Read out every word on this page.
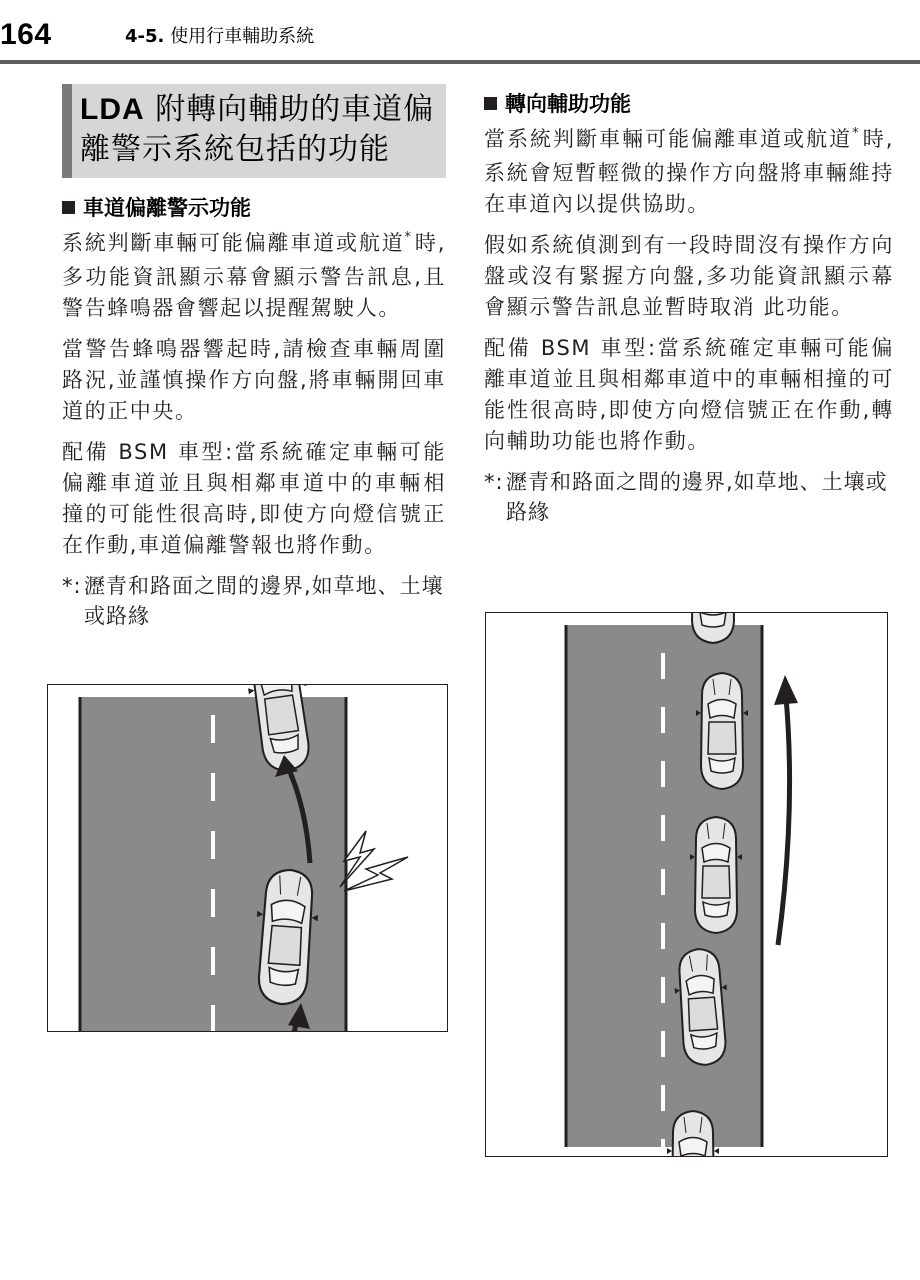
164	4-5. 使用行車輔助系統
LDA 附轉向輔助的車道偏離警示系統包括的功能
車道偏離警示功能

系統判斷車輛可能偏離車道或航道*時,多功能資訊顯示幕會顯示警告訊息,且警告蜂鳴器會響起以提醒駕駛人。

當警告蜂鳴器響起時,請檢查車輛周圍路況,並謹慎操作方向盤,將車輛開回車道的正中央。

配備 BSM 車型:當系統確定車輛可能偏離車道並且與相鄰車道中的車輛相撞的可能性很高時,即使方向燈信號正在作動,車道偏離警報也將作動。

*: 瀝青和路面之間的邊界,如草地、土壤或路緣
轉向輔助功能

當系統判斷車輛可能偏離車道或航道*時,系統會短暫輕微的操作方向盤將車輛維持在車道內以提供協助。

假如系統偵測到有一段時間沒有操作方向盤或沒有緊握方向盤,多功能資訊顯示幕會顯示警告訊息並暫時取消 此功能。

配備 BSM 車型:當系統確定車輛可能偏離車道並且與相鄰車道中的車輛相撞的可能性很高時,即使方向燈信號正在作動,轉向輔助功能也將作動。

*: 瀝青和路面之間的邊界,如草地、土壤或路緣
